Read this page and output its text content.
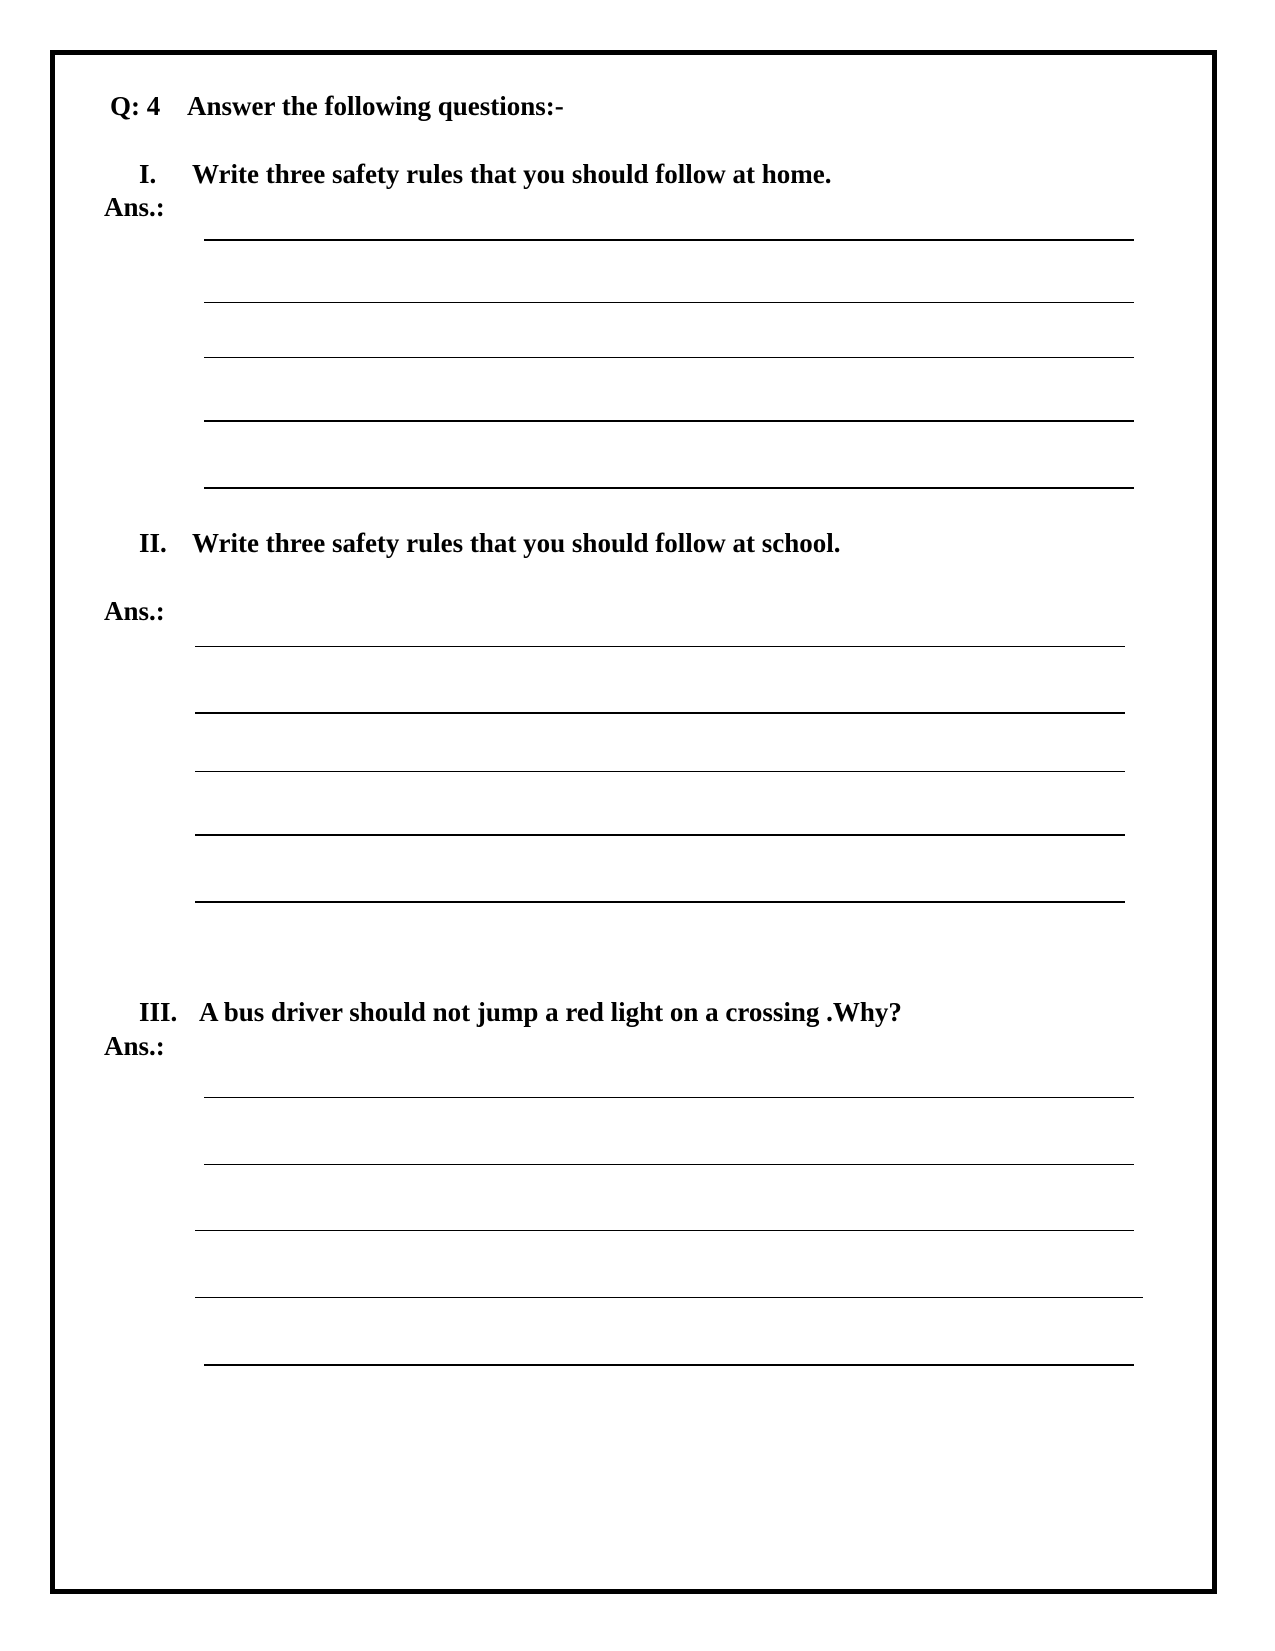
Q: 4 Answer the following questions:-
I. Write three safety rules that you should follow at home.
Ans.:
II. Write three safety rules that you should follow at school.
Ans.:
III. A bus driver should not jump a red light on a crossing .Why?
Ans.:
